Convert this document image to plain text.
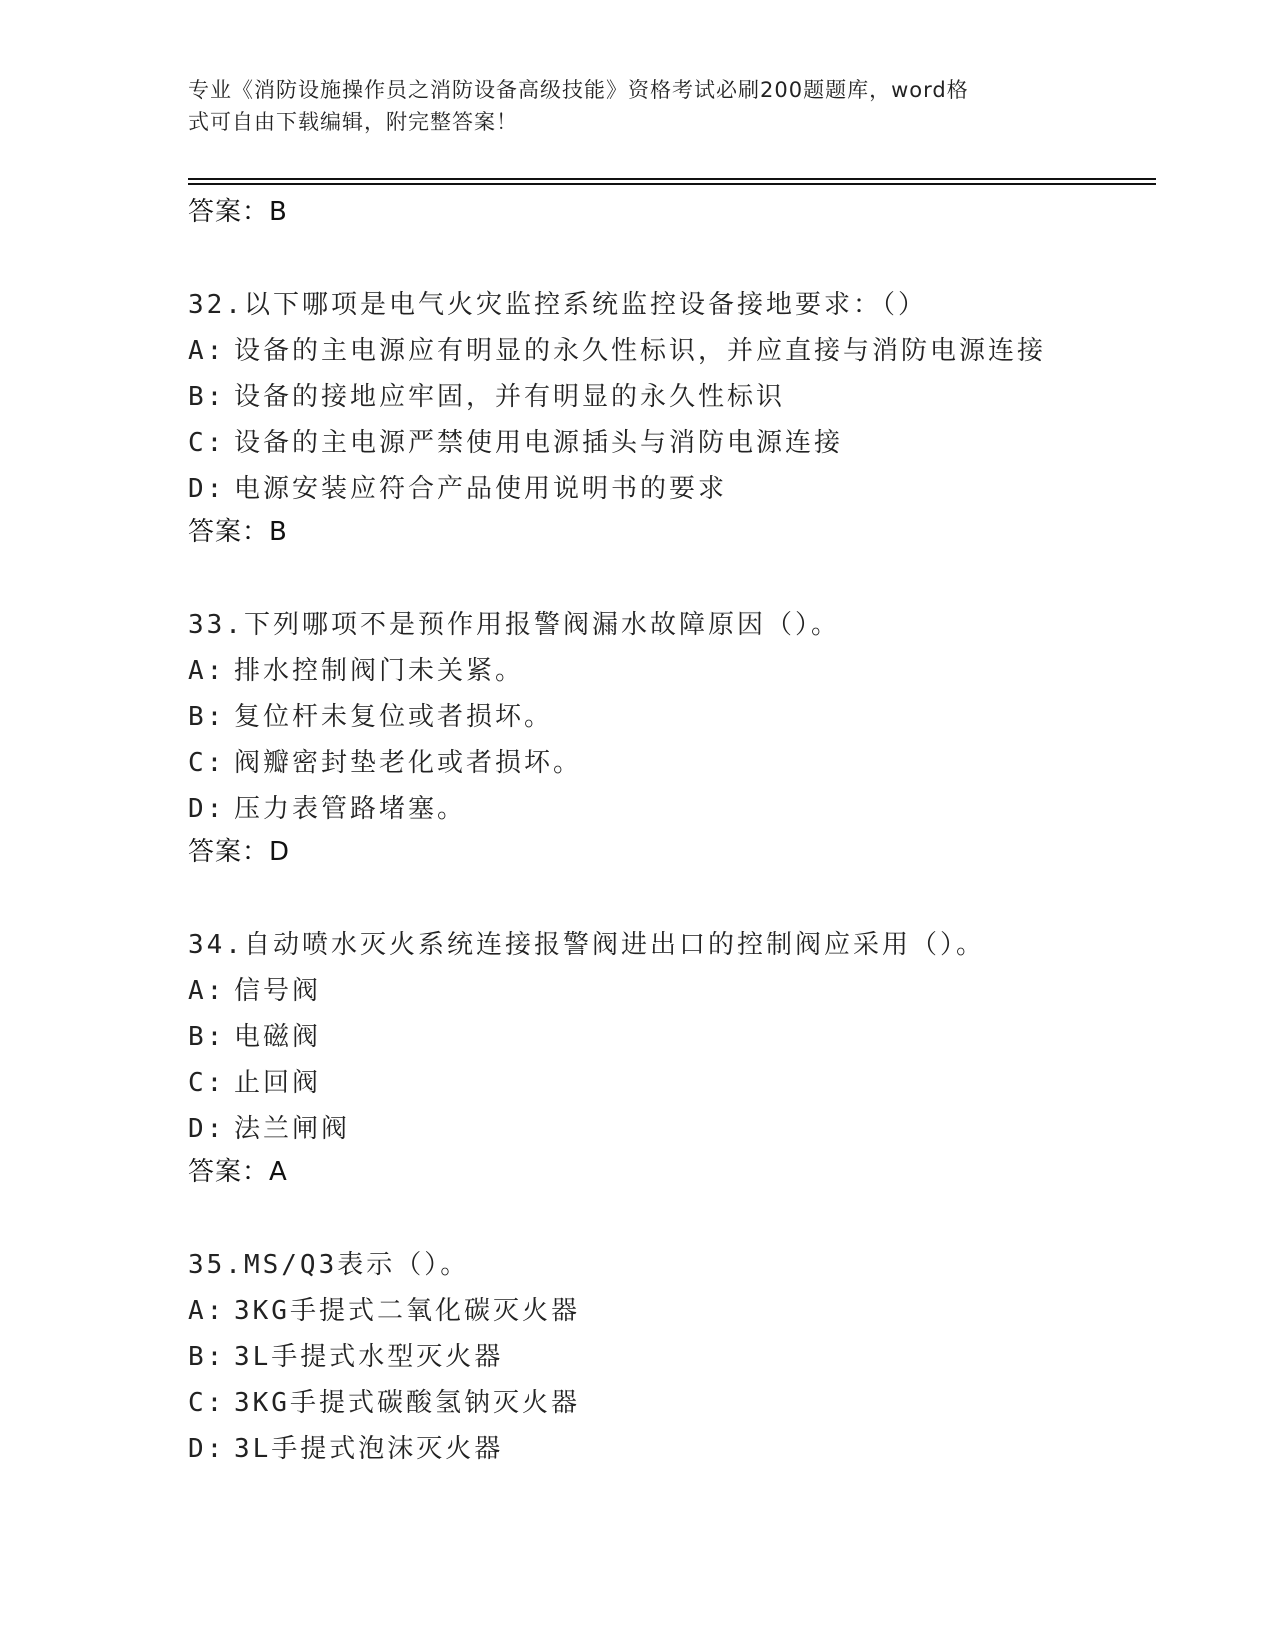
专业《消防设施操作员之消防设备高级技能》资格考试必刷200题题库，word格
式可自由下载编辑，附完整答案！
答案：B
32.以下哪项是电气火灾监控系统监控设备接地要求：（）
A: 设备的主电源应有明显的永久性标识，并应直接与消防电源连接
B: 设备的接地应牢固，并有明显的永久性标识
C: 设备的主电源严禁使用电源插头与消防电源连接
D: 电源安装应符合产品使用说明书的要求
答案：B
33.下列哪项不是预作用报警阀漏水故障原因（）。
A: 排水控制阀门未关紧。
B: 复位杆未复位或者损坏。
C: 阀瓣密封垫老化或者损坏。
D: 压力表管路堵塞。
答案：D
34.自动喷水灭火系统连接报警阀进出口的控制阀应采用（）。
A: 信号阀
B: 电磁阀
C: 止回阀
D: 法兰闸阀
答案：A
35.MS/Q3表示（）。
A: 3KG手提式二氧化碳灭火器
B: 3L手提式水型灭火器
C: 3KG手提式碳酸氢钠灭火器
D: 3L手提式泡沫灭火器
